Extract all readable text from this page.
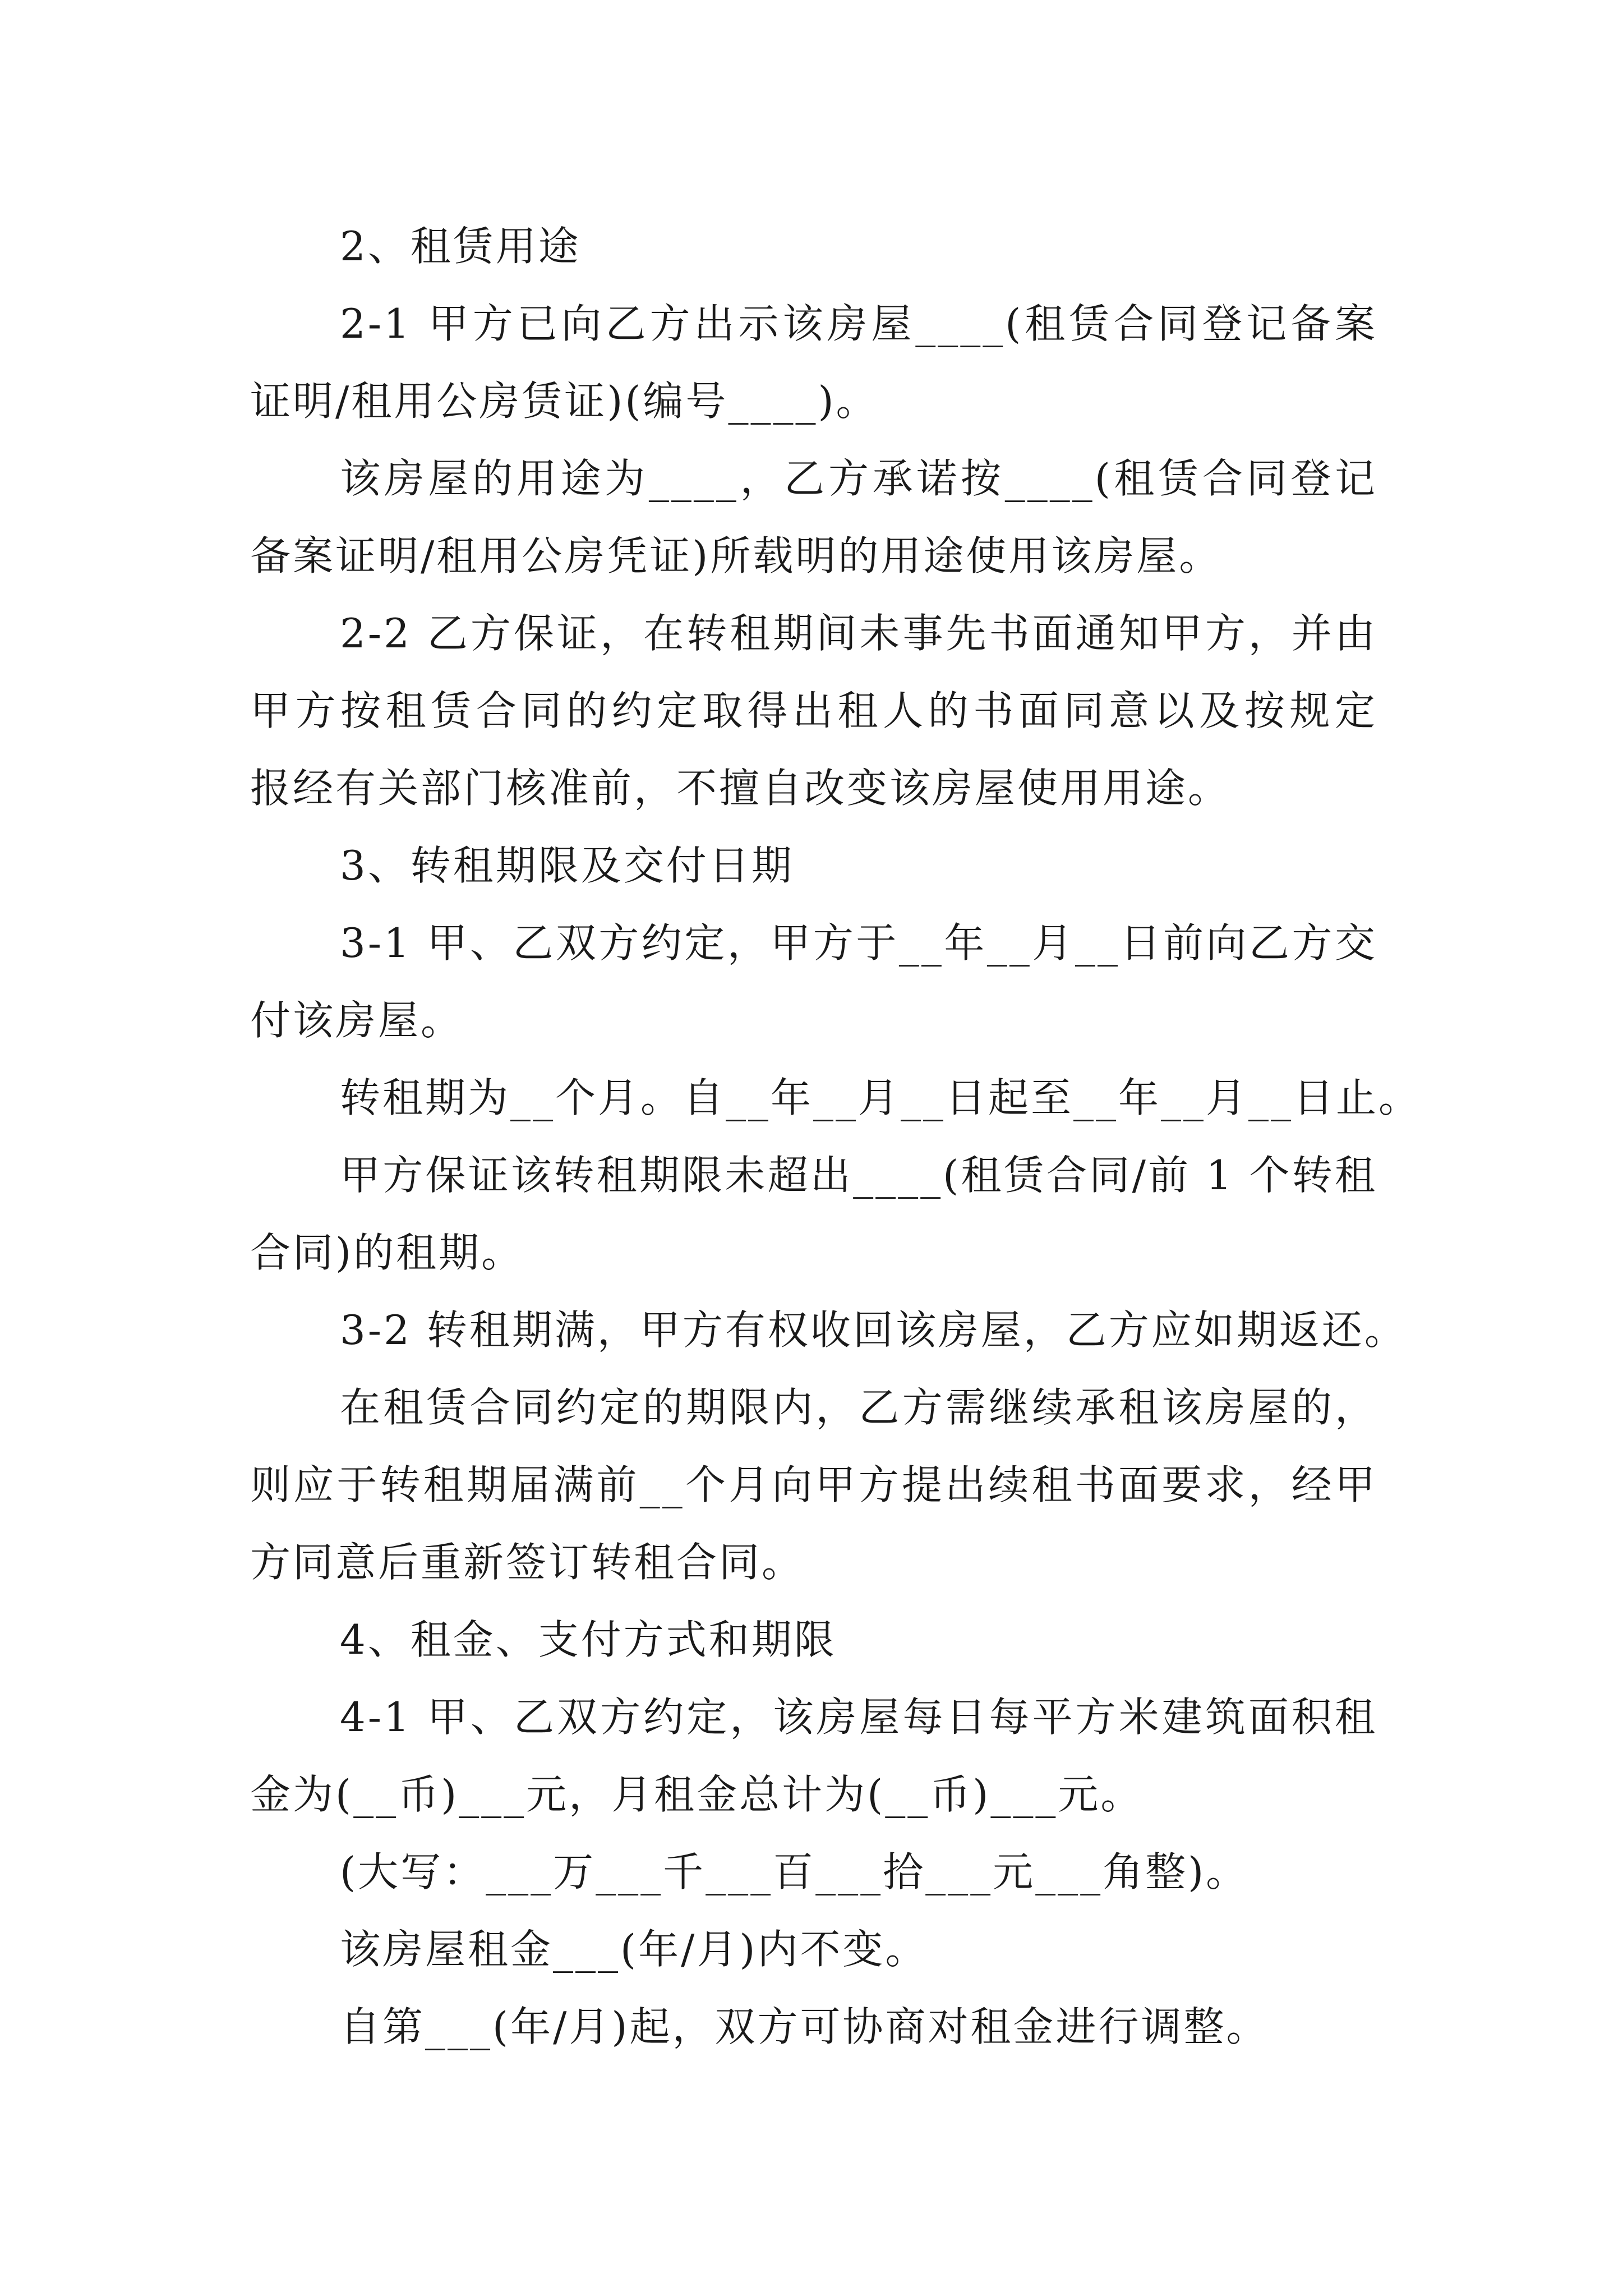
2、租赁用途
2-1 甲方已向乙方出示该房屋____(租赁合同登记备案
证明/租用公房赁证)(编号____)。
该房屋的用途为____，乙方承诺按____(租赁合同登记
备案证明/租用公房凭证)所载明的用途使用该房屋。
2-2 乙方保证，在转租期间未事先书面通知甲方，并由
甲方按租赁合同的约定取得出租人的书面同意以及按规定
报经有关部门核准前，不擅自改变该房屋使用用途。
3、转租期限及交付日期
3-1 甲、乙双方约定，甲方于__年__月__日前向乙方交
付该房屋。
转租期为__个月。自__年__月__日起至__年__月__日止。
甲方保证该转租期限未超出____(租赁合同/前 1 个转租
合同)的租期。
3-2 转租期满，甲方有权收回该房屋，乙方应如期返还。
在租赁合同约定的期限内，乙方需继续承租该房屋的，
则应于转租期届满前__个月向甲方提出续租书面要求，经甲
方同意后重新签订转租合同。
4、租金、支付方式和期限
4-1 甲、乙双方约定，该房屋每日每平方米建筑面积租
金为(__币)___元，月租金总计为(__币)___元。
(大写：___万___千___百___拾___元___角整)。
该房屋租金___(年/月)内不变。
自第___(年/月)起，双方可协商对租金进行调整。
